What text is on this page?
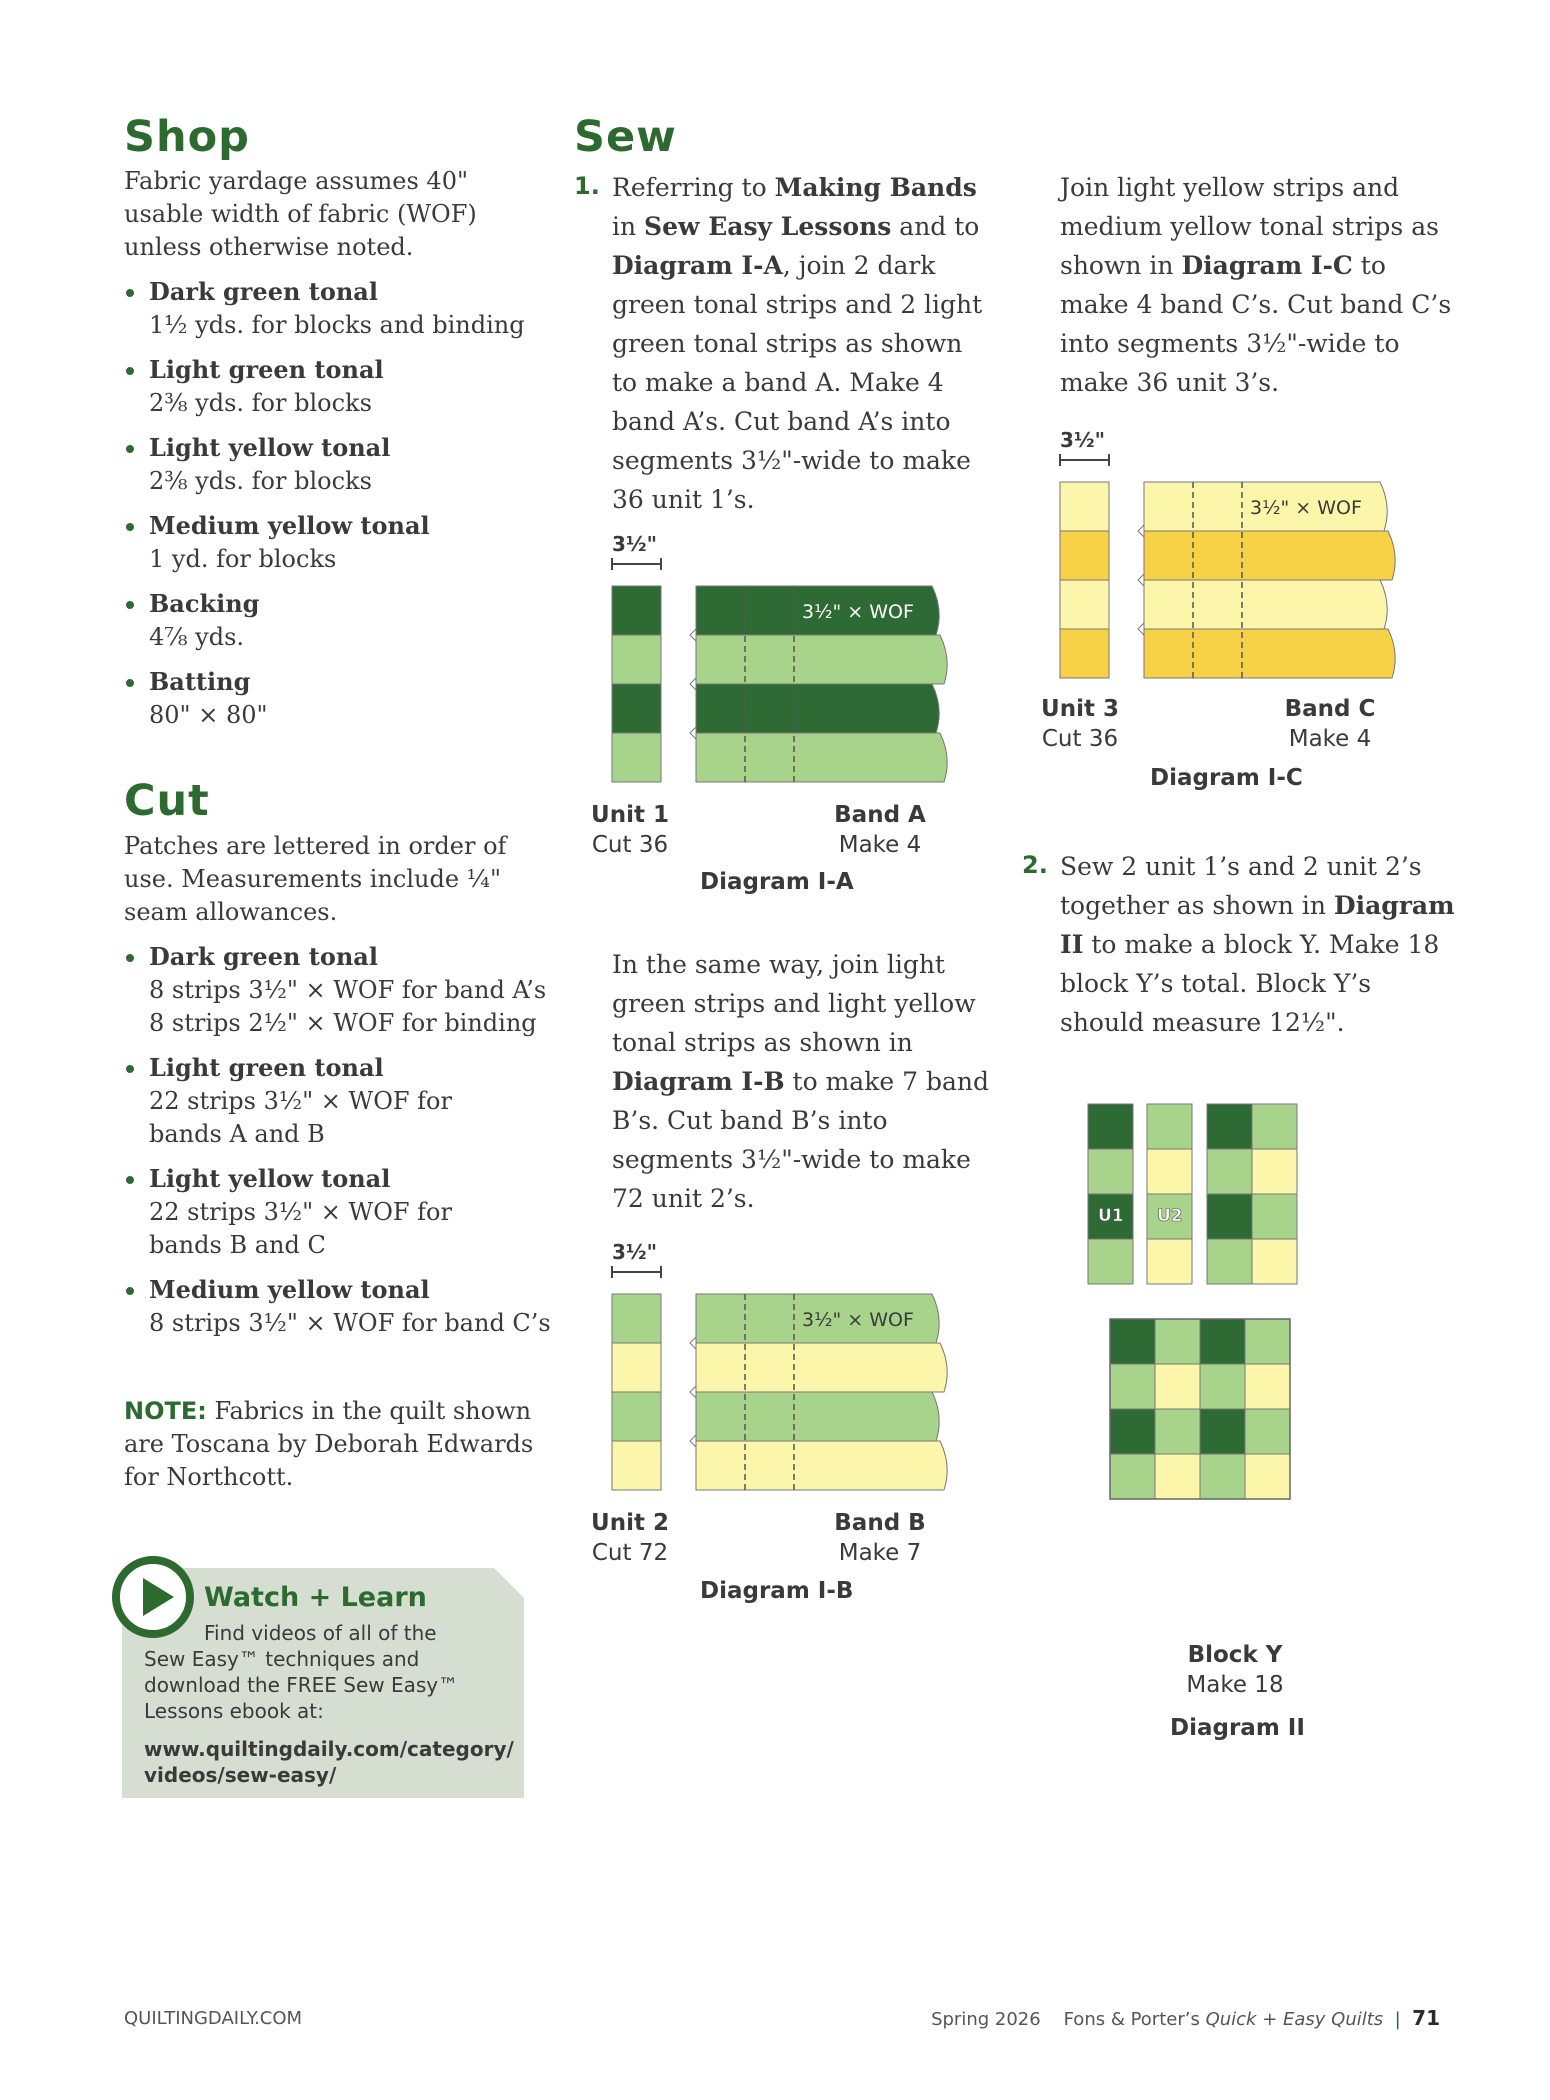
Shop
Fabric yardage assumes 40" usable width of fabric (WOF) unless otherwise noted.
Dark green tonal
1½ yds. for blocks and binding
Light green tonal
2⅜ yds. for blocks
Light yellow tonal
2⅜ yds. for blocks
Medium yellow tonal
1 yd. for blocks
Backing
4⅞ yds.
Batting
80" × 80"
Cut
Patches are lettered in order of use. Measurements include ¼" seam allowances.
Dark green tonal
8 strips 3½" × WOF for band A’s
8 strips 2½" × WOF for binding
Light green tonal
22 strips 3½" × WOF for
bands A and B
Light yellow tonal
22 strips 3½" × WOF for
bands B and C
Medium yellow tonal
8 strips 3½" × WOF for band C’s
NOTE: Fabrics in the quilt shown are Toscana by Deborah Edwards for Northcott.
Watch + Learn
Find videos of all of the
Sew Easy™ techniques and
download the FREE Sew Easy™
Lessons ebook at:
www.quiltingdaily.com/category/
videos/sew-easy/
Sew
1. Referring to Making Bands in Sew Easy Lessons and to Diagram I-A, join 2 dark green tonal strips and 2 light green tonal strips as shown to make a band A. Make 4 band A’s. Cut band A’s into segments 3½"-wide to make 36 unit 1’s.
3½"
3½" × WOF
Unit 1
Cut 36
Band A
Make 4
Diagram I-A
In the same way, join light green strips and light yellow tonal strips as shown in Diagram I-B to make 7 band B’s. Cut band B’s into segments 3½"-wide to make 72 unit 2’s.
3½"
3½" × WOF
Unit 2
Cut 72
Band B
Make 7
Diagram I-B
Join light yellow strips and medium yellow tonal strips as shown in Diagram I-C to make 4 band C’s. Cut band C’s into segments 3½"-wide to make 36 unit 3’s.
3½"
3½" × WOF
Unit 3
Cut 36
Band C
Make 4
Diagram I-C
2. Sew 2 unit 1’s and 2 unit 2’s together as shown in Diagram II to make a block Y. Make 18 block Y’s total. Block Y’s should measure 12½".
U1 U2
Block Y
Make 18
Diagram II
QUILTINGDAILY.COM	Spring 2026 Fons & Porter’s Quick + Easy Quilts | 71
